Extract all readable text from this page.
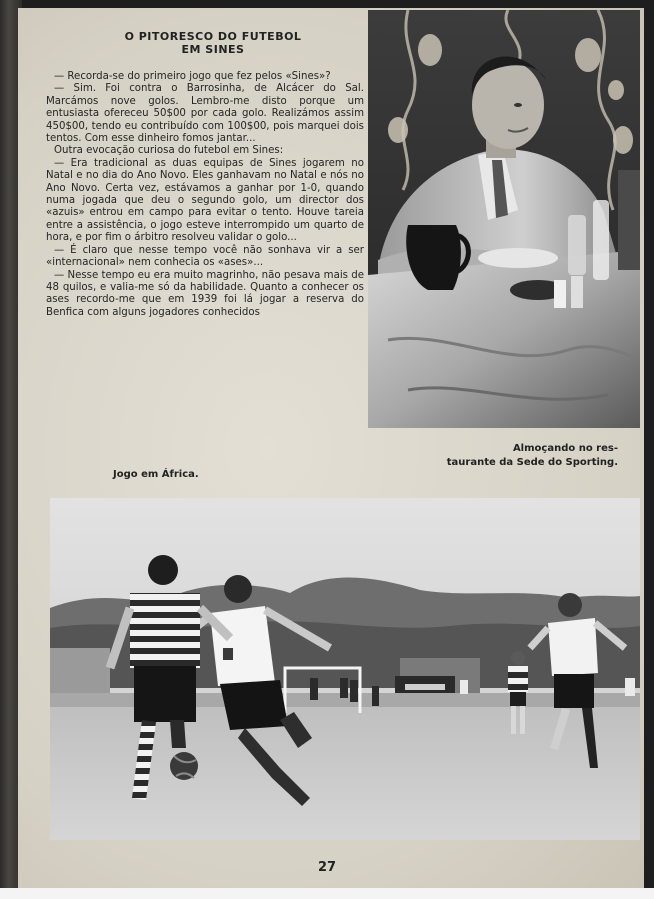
O PITORESCO DO FUTEBOL
EM SINES

— Recorda-se do primeiro jogo que fez pelos «Sines»?

— Sim. Foi contra o Barrosinha, de Alcácer do Sal. Marcámos nove golos. Lembro-me disto porque um entusiasta ofereceu 50$00 por cada golo. Realizámos assim 450$00, tendo eu contribuído com 100$00, pois marquei dois tentos. Com esse dinheiro fomos jantar...

Outra evocação curiosa do futebol em Sines:

— Era tradicional as duas equipas de Sines jogarem no Natal e no dia do Ano Novo. Eles ganhavam no Natal e nós no Ano Novo. Certa vez, estávamos a ganhar por 1-0, quando numa jogada que deu o segundo golo, um director dos «azuis» entrou em campo para evitar o tento. Houve tareia entre a assistência, o jogo esteve interrompido um quarto de hora, e por fim o árbitro resolveu validar o golo...

— É claro que nesse tempo você não sonhava vir a ser «internacional» nem conhecia os «ases»...

— Nesse tempo eu era muito magrinho, não pesava mais de 48 quilos, e valia-me só da habilidade. Quanto a conhecer os ases recordo-me que em 1939 foi lá jogar a reserva do Benfica com alguns jogadores conhecidos

Almoçando no res-
taurante da Sede do Sporting.
Jogo em África.
27
